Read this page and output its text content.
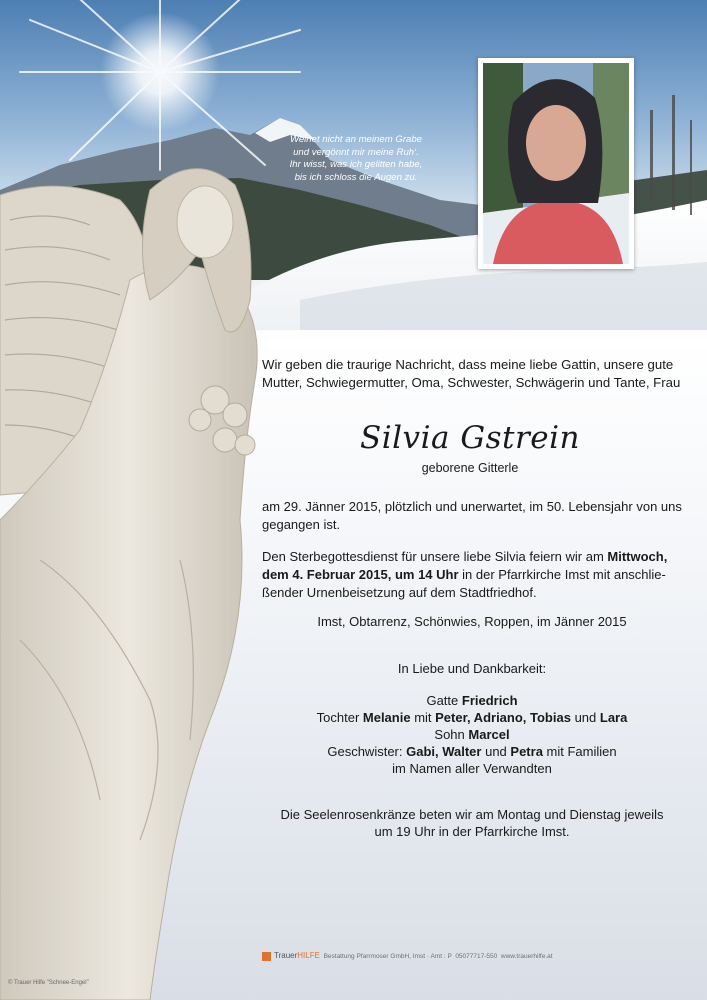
Weinet nicht an meinem Grabe
und vergönnt mir meine Ruh‘.
Ihr wisst, was ich gelitten habe,
bis ich schloss die Augen zu.
Wir geben die traurige Nachricht, dass meine liebe Gattin, unsere gute
Mutter, Schwiegermutter, Oma, Schwester, Schwägerin und Tante, Frau
Silvia Gstrein
geborene Gitterle
am 29. Jänner 2015, plötzlich und unerwartet, im 50. Lebensjahr von uns
gegangen ist.
Den Sterbegottesdienst für unsere liebe Silvia feiern wir am Mittwoch,
dem 4. Februar 2015, um 14 Uhr in der Pfarrkirche Imst mit anschlie-
ßender Urnenbeisetzung auf dem Stadtfriedhof.
Imst, Obtarrenz, Schönwies, Roppen, im Jänner 2015
In Liebe und Dankbarkeit:
Gatte Friedrich
Tochter Melanie mit Peter, Adriano, Tobias und Lara
Sohn Marcel
Geschwister: Gabi, Walter und Petra mit Familien
im Namen aller Verwandten
Die Seelenrosenkränze beten wir am Montag und Dienstag jeweils
um 19 Uhr in der Pfarrkirche Imst.
TrauerHILFE Bestattung Pfarrmoser GmbH, Imst · Amt : P 05077717-550 www.trauerhilfe.at
© Trauer Hilfe "Schnee-Engel"
